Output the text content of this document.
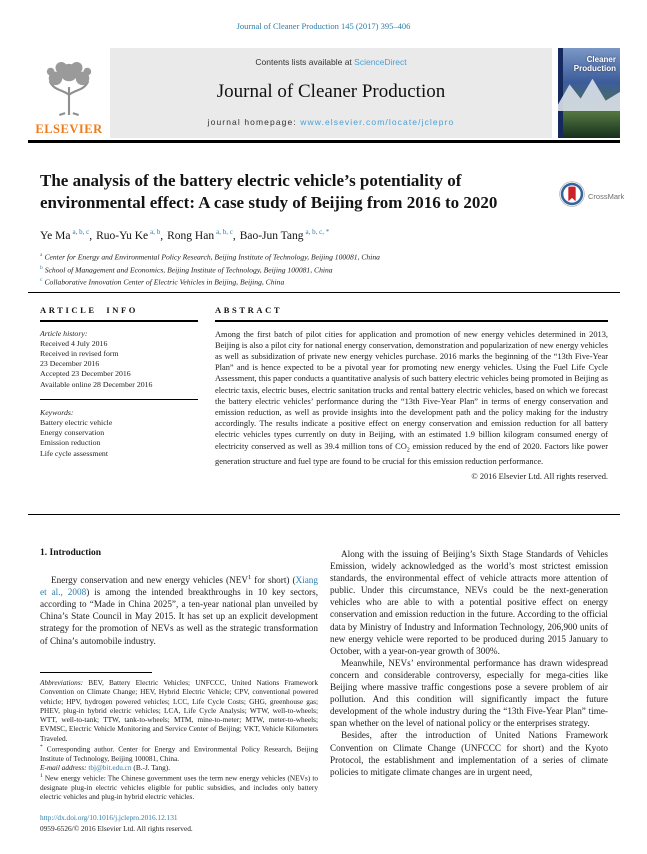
Journal of Cleaner Production 145 (2017) 395–406
ELSEVIER
Contents lists available at ScienceDirect
Journal of Cleaner Production
journal homepage: www.elsevier.com/locate/jclepro
Cleaner Production
The analysis of the battery electric vehicle’s potentiality of
environmental effect: A case study of Beijing from 2016 to 2020	CrossMark
Ye Ma $^{a, b, c}$, Ruo-Yu Ke $^{a, b}$, Rong Han $^{a, b, c}$, Bao-Jun Tang $^{a, b, c, *}$
$^a$ Center for Energy and Environmental Policy Research, Beijing Institute of Technology, Beijing 100081, China
$^b$ School of Management and Economics, Beijing Institute of Technology, Beijing 100081, China
$^c$ Collaborative Innovation Center of Electric Vehicles in Beijing, Beijing, China
ARTICLE INFO
Article history:
Received 4 July 2016
Received in revised form
23 December 2016
Accepted 23 December 2016
Available online 28 December 2016
Keywords:
Battery electric vehicle
Energy conservation
Emission reduction
Life cycle assessment
ABSTRACT

Among the first batch of pilot cities for application and promotion of new energy vehicles determined in 2013, Beijing is also a pilot city for national energy conservation, demonstration and popularization of new energy vehicles as well as subsidization of private new energy vehicles purchase. 2016 marks the beginning of the “13th Five-Year Plan” and is hence expected to be a pivotal year for promoting new energy vehicles. Using the Fuel Life Cycle Assessment, this paper conducts a quantitative analysis of such battery electric vehicles being promoted in Beijing as electric taxis, electric buses, electric sanitation trucks and rental battery electric vehicles, based on which we forecast the battery electric vehicles’ performance during the “13th Five-Year Plan” in terms of energy conservation and emission reduction, as well as provide insights into the development path and the policy making for the industry accordingly. The results indicate a positive effect on energy conservation and emission reduction for all battery electric vehicles types currently on duty in Beijing, with an estimated 1.9 billion kilogram consumed energy of electricity conserved as well as 39.4 million tons of $CO_2$ emission reduced by the end of 2020. Factors like power generation structure and fuel type are found to be crucial for this emission reduction performance.

© 2016 Elsevier Ltd. All rights reserved.
1. Introduction

Energy conservation and new energy vehicles (NEV$^1$ for short) (Xiang et al., 2008) is among the intended breakthroughs in 10 key sectors, according to “Made in China 2025”, a ten-year national plan unveiled by China’s State Council in May 2015. It has set up an explicit development strategy for the promotion of NEVs as well as the strategic transformation of China’s automobile industry.

Along with the issuing of Beijing’s Sixth Stage Standards of Vehicles Emission, widely acknowledged as the world’s most strictest emission standards, the environmental effect of vehicle attracts more attention of public. Under this circumstance, NEVs could be the next-generation vehicles who are able to with a potential positive effect on energy conservation and emission reduction in the future. According to the official data by Ministry of Industry and Information Technology, 206,900 units of new energy vehicle were reported to be produced during 2015 January to October, with a year-on-year growth of 300%.

Meanwhile, NEVs’ environmental performance has drawn widespread concern and considerable controversy, especially for mega-cities like Beijing where massive traffic congestions pose a severe problem of air pollution. And this condition will significantly impact the future development of the whole industry during the “13th Five-Year Plan” time-span whether on the level of national policy or the enterprises strategy.

Besides, after the introduction of United Nations Framework Convention on Climate Change (UNFCCC for short) and the Kyoto Protocol, the establishment and implementation of a series of climate policies to mitigate climate changes are in urgent need,

Abbreviations: BEV, Battery Electric Vehicles; UNFCCC, United Nations Framework Convention on Climate Change; HEV, Hybrid Electric Vehicle; CPV, conventional powered vehicle; HPV, hydrogen powered vehicles; LCC, Life Cycle Costs; GHG, greenhouse gas; PHEV, plug-in hybrid electric vehicles; LCA, Life Cycle Analysis; WTW, well-to-wheels; WTT, well-to-tank; TTW, tank-to-wheels; MTM, mine-to-meter; MTW, meter-to-wheels; EVMSC, Electric Vehicle Monitoring and Service Center of Beijing; VKT, Vehicle Kilometers Traveled.

* Corresponding author. Center for Energy and Environmental Policy Research, Beijing Institute of Technology, Beijing 100081, China.

E-mail address: tbj@bit.edu.cn (B.-J. Tang).

$^1$ New energy vehicle: The Chinese government uses the term new energy vehicles (NEVs) to designate plug-in electric vehicles eligible for public subsidies, and includes only battery electric vehicles and plug-in hybrid electric vehicles.

http://dx.doi.org/10.1016/j.jclepro.2016.12.131
0959-6526/© 2016 Elsevier Ltd. All rights reserved.
